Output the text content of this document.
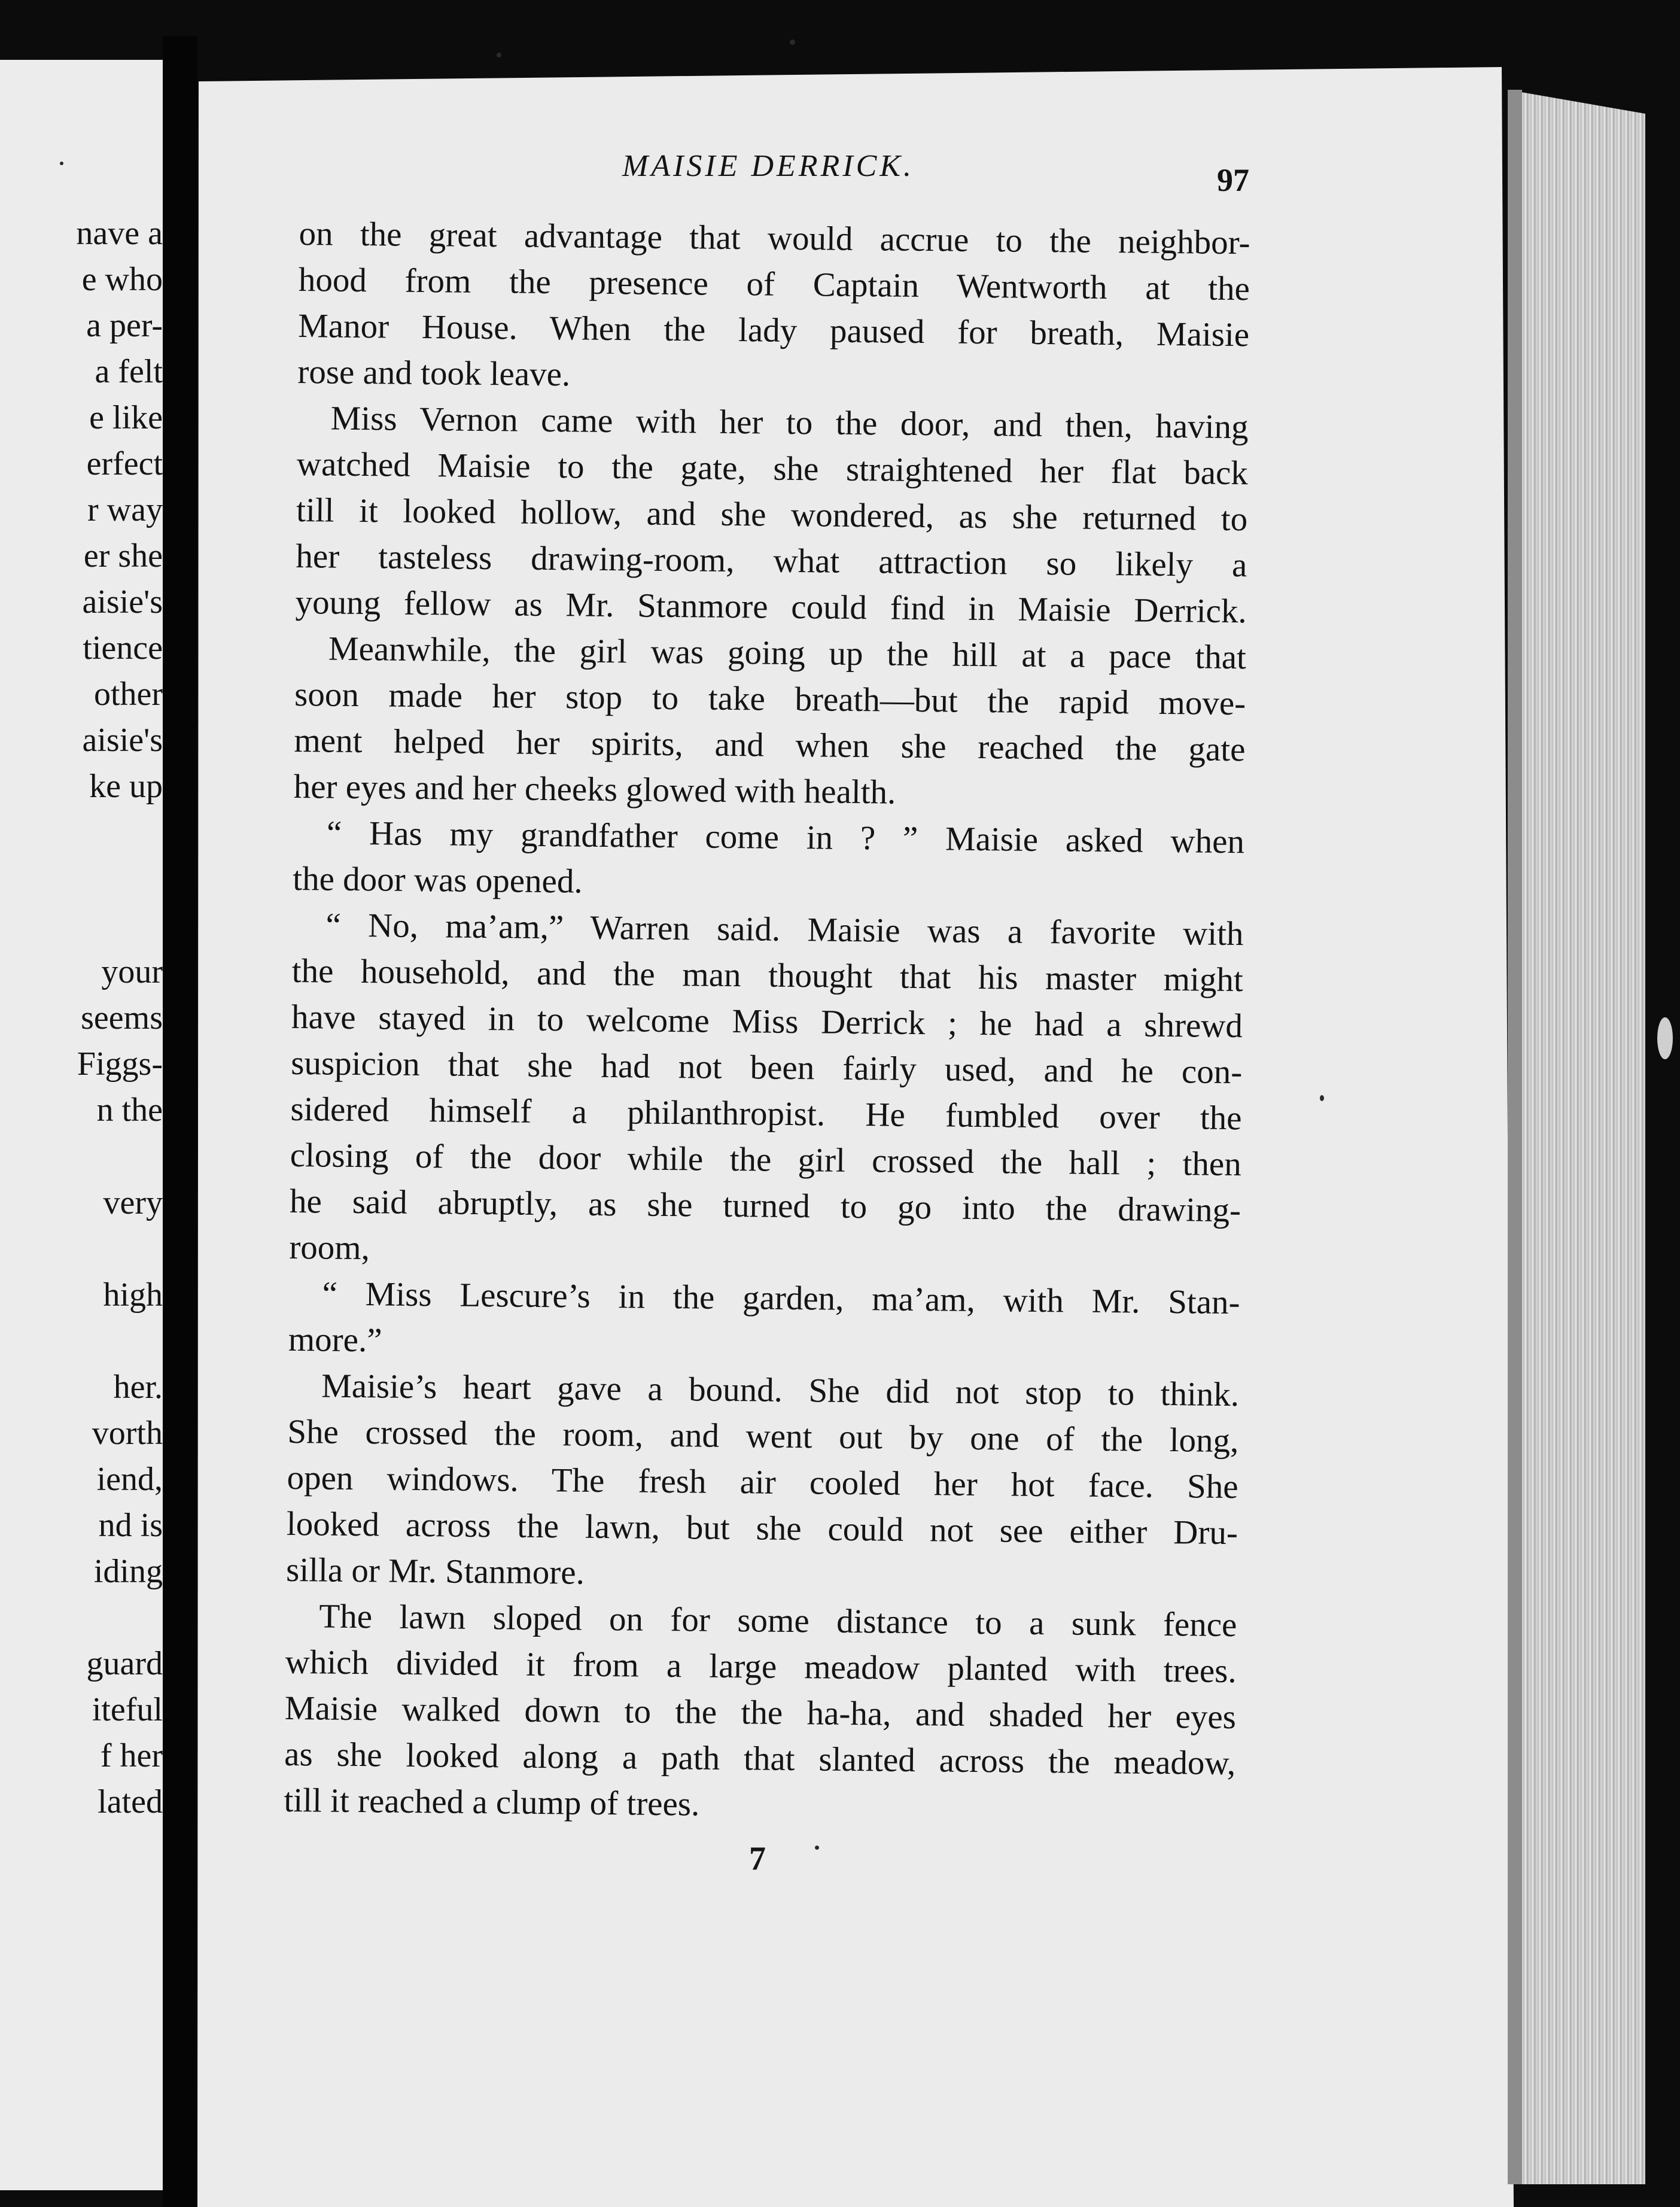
nave a

e who

a per-

a felt

e like

erfect

r way

er she

aisie's

tience

other

aisie's

ke up

your

seems

Figgs-

n the

very

high

her.

vorth

iend,

nd is

iding

guard

iteful

f her

lated

MAISIE DERRICK.	97

on the great advantage that would accrue to the neighbor-
hood from the presence of Captain Wentworth at the
Manor House. When the lady paused for breath, Maisie
rose and took leave.
Miss Vernon came with her to the door, and then, having
watched Maisie to the gate, she straightened her flat back
till it looked hollow, and she wondered, as she returned to
her tasteless drawing-room, what attraction so likely a
young fellow as Mr. Stanmore could find in Maisie Derrick.
Meanwhile, the girl was going up the hill at a pace that
soon made her stop to take breath—but the rapid move-
ment helped her spirits, and when she reached the gate
her eyes and her cheeks glowed with health.
“ Has my grandfather come in ? ” Maisie asked when
the door was opened.
“ No, ma’am,” Warren said. Maisie was a favorite with
the household, and the man thought that his master might
have stayed in to welcome Miss Derrick ; he had a shrewd
suspicion that she had not been fairly used, and he con-
sidered himself a philanthropist. He fumbled over the
closing of the door while the girl crossed the hall ; then
he said abruptly, as she turned to go into the drawing-
room,
“ Miss Lescure’s in the garden, ma’am, with Mr. Stan-
more.”
Maisie’s heart gave a bound. She did not stop to think.
She crossed the room, and went out by one of the long,
open windows. The fresh air cooled her hot face. She
looked across the lawn, but she could not see either Dru-
silla or Mr. Stanmore.
The lawn sloped on for some distance to a sunk fence
which divided it from a large meadow planted with trees.
Maisie walked down to the the ha-ha, and shaded her eyes
as she looked along a path that slanted across the meadow,
till it reached a clump of trees.

7
